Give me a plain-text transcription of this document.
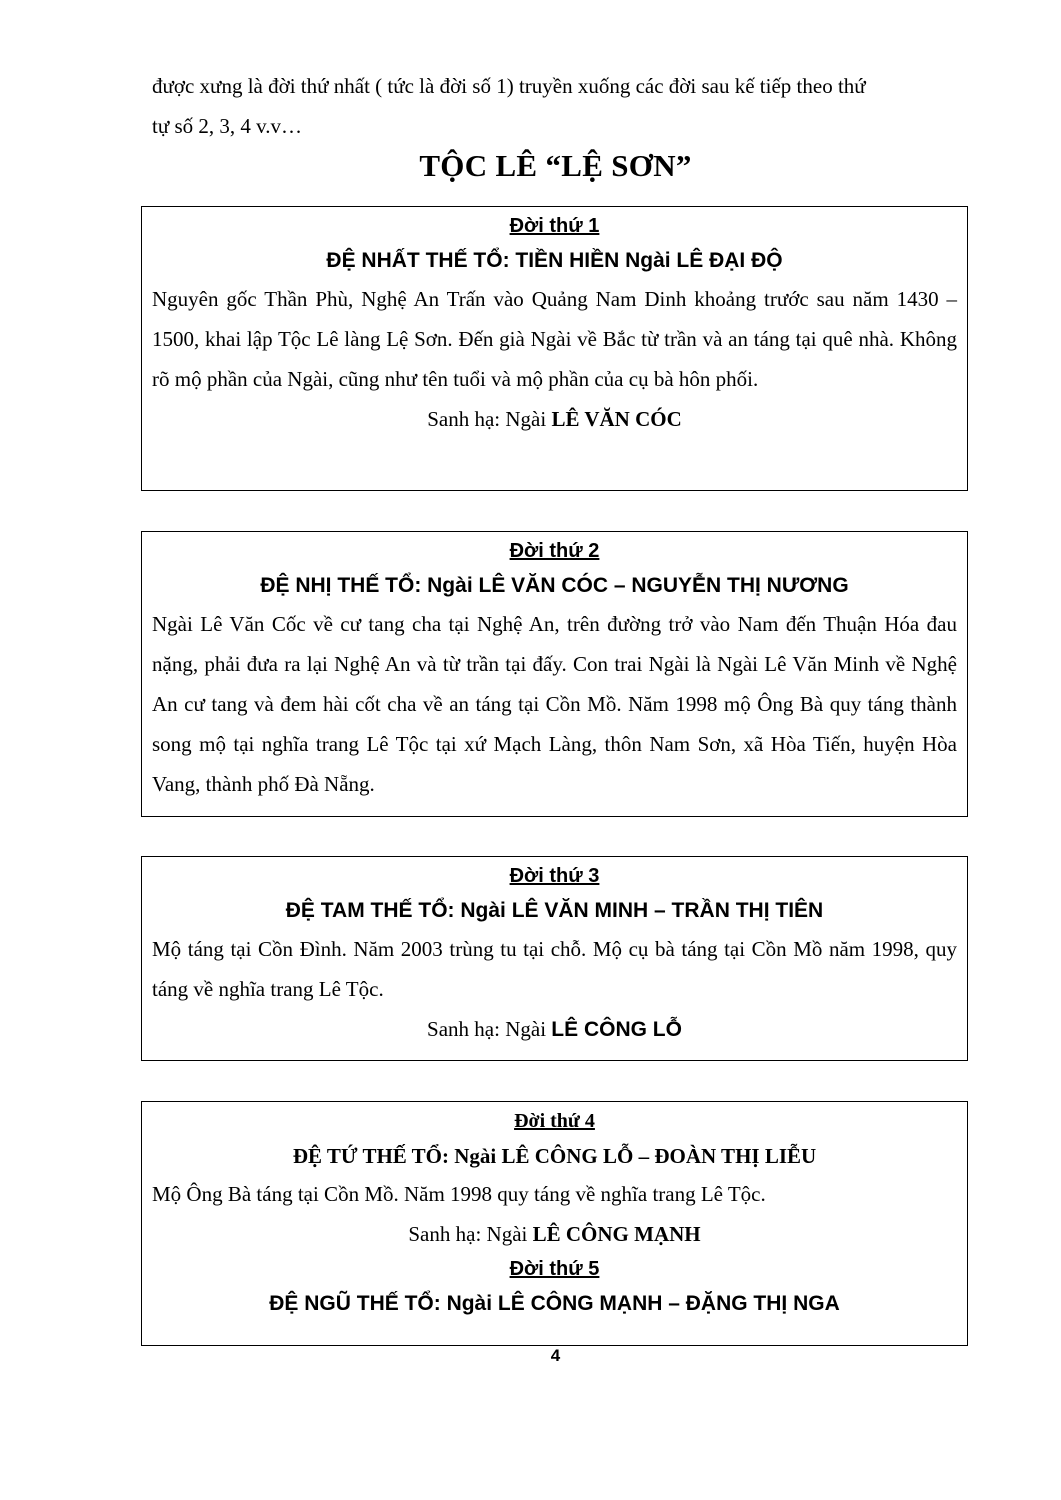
được xưng là đời thứ nhất ( tức là đời số 1) truyền xuống các đời sau kế tiếp theo thứ

tự số 2, 3, 4 v.v…

TỘC LÊ “LỆ SƠN”

Đời thứ 1

ĐỆ NHẤT THẾ TỔ: TIỀN HIỀN Ngài LÊ ĐẠI ĐỘ

Nguyên gốc Thần Phù, Nghệ An Trấn vào Quảng Nam Dinh khoảng trước sau năm 1430 – 1500, khai lập Tộc Lê làng Lệ Sơn. Đến già Ngài về Bắc từ trần và an táng tại quê nhà. Không rõ mộ phần của Ngài, cũng như tên tuổi và mộ phần của cụ bà hôn phối.

Sanh hạ: Ngài LÊ VĂN CÓC

Đời thứ 2

ĐỆ NHỊ THẾ TỔ: Ngài LÊ VĂN CÓC – NGUYỄN THỊ NƯƠNG

Ngài Lê Văn Cốc về cư tang cha tại Nghệ An, trên đường trở vào Nam đến Thuận Hóa đau nặng, phải đưa ra lại Nghệ An và từ trần tại đấy. Con trai Ngài là Ngài Lê Văn Minh về Nghệ An cư tang và đem hài cốt cha về an táng tại Cồn Mồ. Năm 1998 mộ Ông Bà quy táng thành song mộ tại nghĩa trang Lê Tộc tại xứ Mạch Làng, thôn Nam Sơn, xã Hòa Tiến, huyện Hòa Vang, thành phố Đà Nẵng.

Đời thứ 3

ĐỆ TAM THẾ TỔ: Ngài LÊ VĂN MINH – TRẦN THỊ TIÊN

Mộ táng tại Cồn Đình. Năm 2003 trùng tu tại chỗ. Mộ cụ bà táng tại Cồn Mồ năm 1998, quy táng về nghĩa trang Lê Tộc.

Sanh hạ: Ngài LÊ CÔNG LỖ

Đời thứ 4

ĐỆ TỨ THẾ TỔ: Ngài LÊ CÔNG LỖ – ĐOÀN THỊ LIỄU

Mộ Ông Bà táng tại Cồn Mồ. Năm 1998 quy táng về nghĩa trang Lê Tộc.

Sanh hạ: Ngài LÊ CÔNG MẠNH

Đời thứ 5

ĐỆ NGŨ THẾ TỔ: Ngài LÊ CÔNG MẠNH – ĐẶNG THỊ NGA

4
